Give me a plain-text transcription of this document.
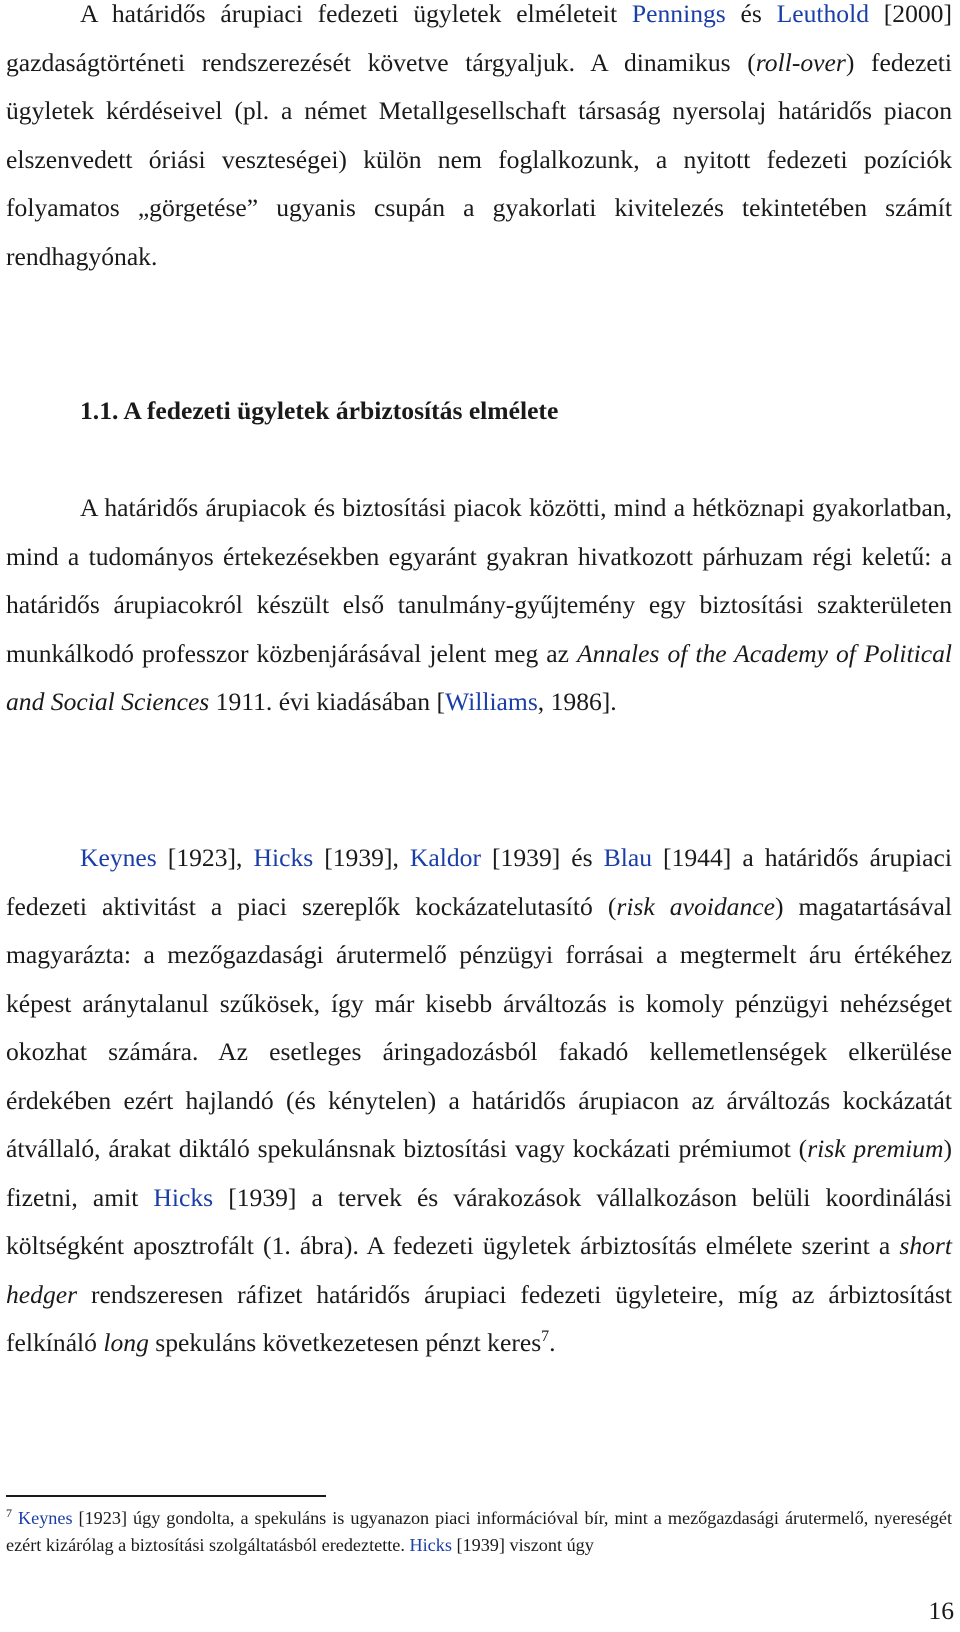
A határidős árupiaci fedezeti ügyletek elméleteit Pennings és Leuthold [2000] gazdaságtörténeti rendszerezését követve tárgyaljuk. A dinamikus (roll-over) fedezeti ügyletek kérdéseivel (pl. a német Metallgesellschaft társaság nyersolaj határidős piacon elszenvedett óriási veszteségei) külön nem foglalkozunk, a nyitott fedezeti pozíciók folyamatos „görgetése” ugyanis csupán a gyakorlati kivitelezés tekintetében számít rendhagyónak.

1.1. A fedezeti ügyletek árbiztosítás elmélete

A határidős árupiacok és biztosítási piacok közötti, mind a hétköznapi gyakorlatban, mind a tudományos értekezésekben egyaránt gyakran hivatkozott párhuzam régi keletű: a határidős árupiacokról készült első tanulmány-gyűjtemény egy biztosítási szakterületen munkálkodó professzor közbenjárásával jelent meg az Annales of the Academy of Political and Social Sciences 1911. évi kiadásában [Williams, 1986].

Keynes [1923], Hicks [1939], Kaldor [1939] és Blau [1944] a határidős árupiaci fedezeti aktivitást a piaci szereplők kockázatelutasító (risk avoidance) magatartásával magyarázta: a mezőgazdasági árutermelő pénzügyi forrásai a megtermelt áru értékéhez képest aránytalanul szűkösek, így már kisebb árváltozás is komoly pénzügyi nehézséget okozhat számára. Az esetleges áringadozásból fakadó kellemetlenségek elkerülése érdekében ezért hajlandó (és kénytelen) a határidős árupiacon az árváltozás kockázatát átvállaló, árakat diktáló spekulánsnak biztosítási vagy kockázati prémiumot (risk premium) fizetni, amit Hicks [1939] a tervek és várakozások vállalkozáson belüli koordinálási költségként aposztrofált (1. ábra). A fedezeti ügyletek árbiztosítás elmélete szerint a short hedger rendszeresen ráfizet határidős árupiaci fedezeti ügyleteire, míg az árbiztosítást felkínáló long spekuláns következetesen pénzt keres$^7$.

$^7$ Keynes [1923] úgy gondolta, a spekuláns is ugyanazon piaci információval bír, mint a mezőgazdasági árutermelő, nyereségét ezért kizárólag a biztosítási szolgáltatásból eredeztette. Hicks [1939] viszont úgy

16
